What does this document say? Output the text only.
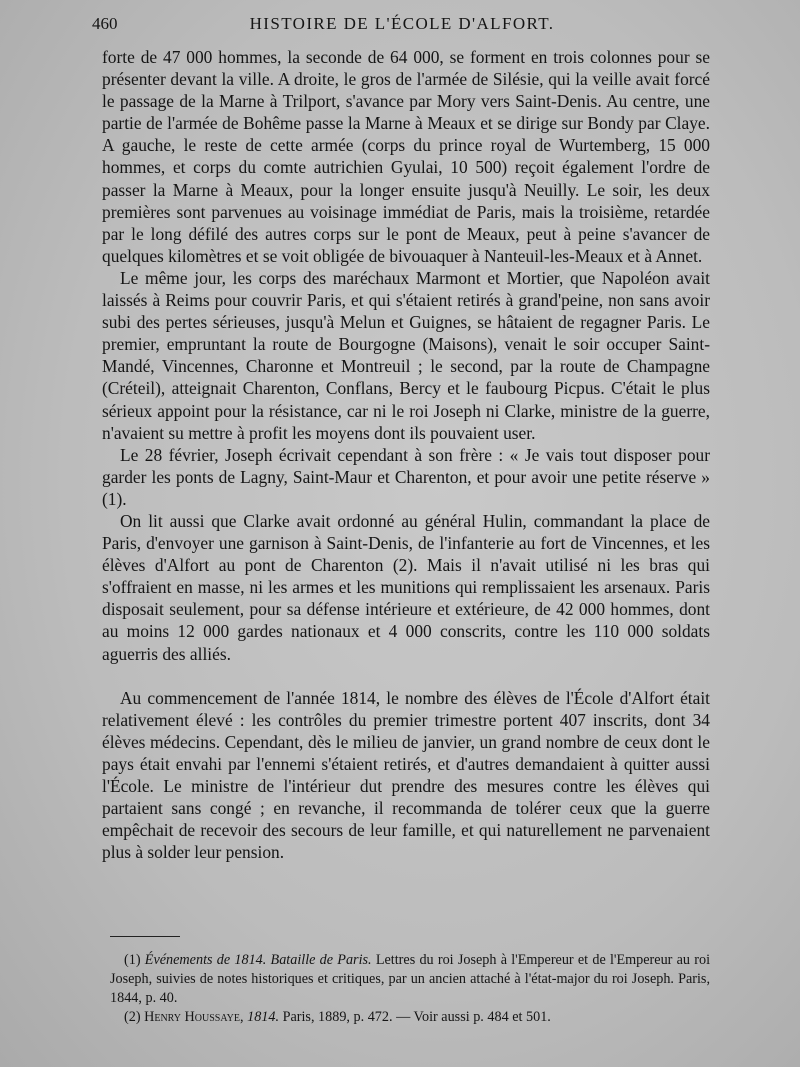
460	HISTOIRE DE L'ÉCOLE D'ALFORT.

forte de 47 000 hommes, la seconde de 64 000, se forment en trois colonnes pour se présenter devant la ville. A droite, le gros de l'armée de Silésie, qui la veille avait forcé le passage de la Marne à Trilport, s'avance par Mory vers Saint-Denis. Au centre, une partie de l'armée de Bohême passe la Marne à Meaux et se dirige sur Bondy par Claye. A gauche, le reste de cette armée (corps du prince royal de Wurtemberg, 15 000 hommes, et corps du comte autrichien Gyulai, 10 500) reçoit également l'ordre de passer la Marne à Meaux, pour la longer ensuite jusqu'à Neuilly. Le soir, les deux premières sont parvenues au voisinage immédiat de Paris, mais la troisième, retardée par le long défilé des autres corps sur le pont de Meaux, peut à peine s'avancer de quelques kilomètres et se voit obligée de bivouaquer à Nanteuil-les-Meaux et à Annet.

Le même jour, les corps des maréchaux Marmont et Mortier, que Napoléon avait laissés à Reims pour couvrir Paris, et qui s'étaient retirés à grand'peine, non sans avoir subi des pertes sérieuses, jusqu'à Melun et Guignes, se hâtaient de regagner Paris. Le premier, empruntant la route de Bourgogne (Maisons), venait le soir occuper Saint-Mandé, Vincennes, Charonne et Montreuil ; le second, par la route de Champagne (Créteil), atteignait Charenton, Conflans, Bercy et le faubourg Picpus. C'était le plus sérieux appoint pour la résistance, car ni le roi Joseph ni Clarke, ministre de la guerre, n'avaient su mettre à profit les moyens dont ils pouvaient user.

Le 28 février, Joseph écrivait cependant à son frère : « Je vais tout disposer pour garder les ponts de Lagny, Saint-Maur et Charenton, et pour avoir une petite réserve » (1).

On lit aussi que Clarke avait ordonné au général Hulin, commandant la place de Paris, d'envoyer une garnison à Saint-Denis, de l'infanterie au fort de Vincennes, et les élèves d'Alfort au pont de Charenton (2). Mais il n'avait utilisé ni les bras qui s'offraient en masse, ni les armes et les munitions qui remplissaient les arsenaux. Paris disposait seulement, pour sa défense intérieure et extérieure, de 42 000 hommes, dont au moins 12 000 gardes nationaux et 4 000 conscrits, contre les 110 000 soldats aguerris des alliés.

Au commencement de l'année 1814, le nombre des élèves de l'École d'Alfort était relativement élevé : les contrôles du premier trimestre portent 407 inscrits, dont 34 élèves médecins. Cependant, dès le milieu de janvier, un grand nombre de ceux dont le pays était envahi par l'ennemi s'étaient retirés, et d'autres demandaient à quitter aussi l'École. Le ministre de l'intérieur dut prendre des mesures contre les élèves qui partaient sans congé ; en revanche, il recommanda de tolérer ceux que la guerre empêchait de recevoir des secours de leur famille, et qui naturellement ne parvenaient plus à solder leur pension.

(1) Événements de 1814. Bataille de Paris. Lettres du roi Joseph à l'Empereur et de l'Empereur au roi Joseph, suivies de notes historiques et critiques, par un ancien attaché à l'état-major du roi Joseph. Paris, 1844, p. 40.

(2) Henry Houssaye, 1814. Paris, 1889, p. 472. — Voir aussi p. 484 et 501.
